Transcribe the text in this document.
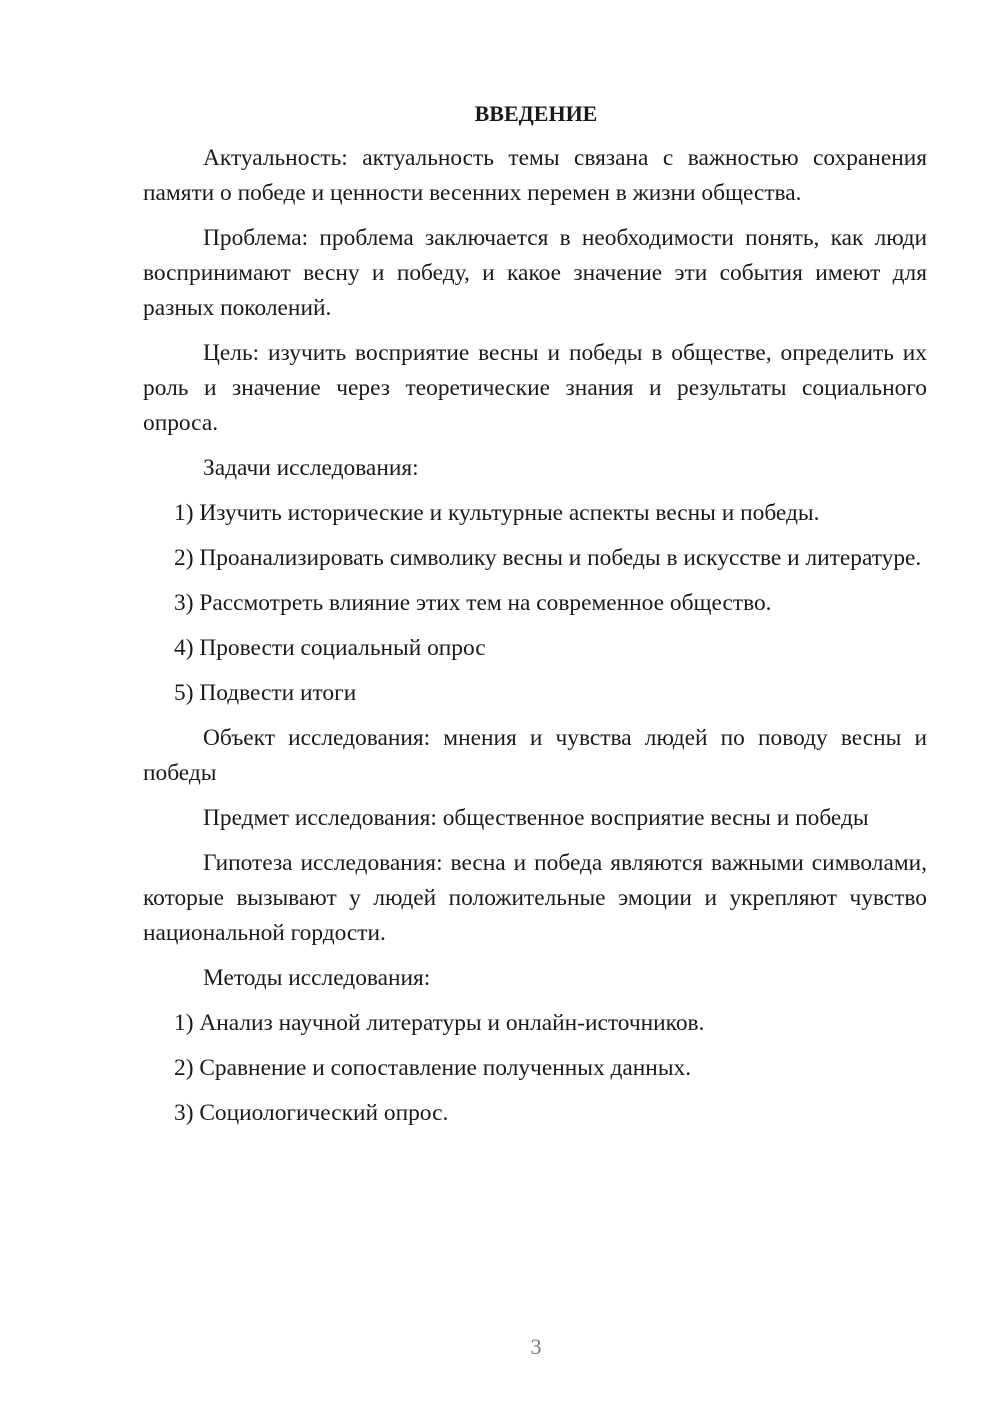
ВВЕДЕНИЕ

Актуальность: актуальность темы связана с важностью сохранения памяти о победе и ценности весенних перемен в жизни общества.

Проблема: проблема заключается в необходимости понять, как люди воспринимают весну и победу, и какое значение эти события имеют для разных поколений.

Цель: изучить восприятие весны и победы в обществе, определить их роль и значение через теоретические знания и результаты социального опроса.

Задачи исследования:

1) Изучить исторические и культурные аспекты весны и победы.

2) Проанализировать символику весны и победы в искусстве и литературе.

3) Рассмотреть влияние этих тем на современное общество.

4) Провести социальный опрос

5) Подвести итоги

Объект исследования: мнения и чувства людей по поводу весны и победы

Предмет исследования: общественное восприятие весны и победы

Гипотеза исследования: весна и победа являются важными символами, которые вызывают у людей положительные эмоции и укрепляют чувство национальной гордости.

Методы исследования:

1) Анализ научной литературы и онлайн-источников.

2) Сравнение и сопоставление полученных данных.

3) Социологический опрос.

3
